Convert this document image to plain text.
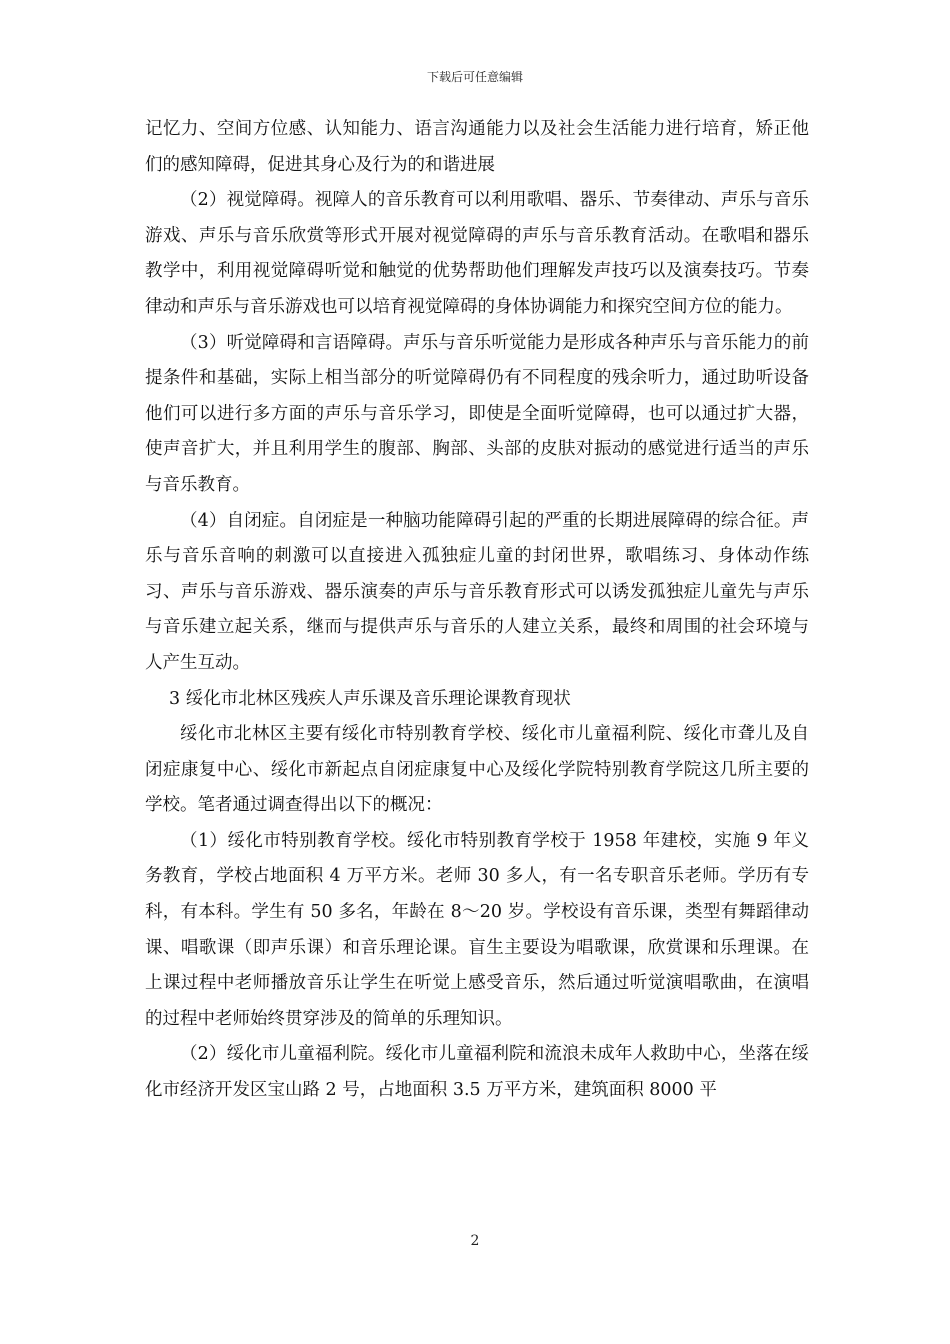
下载后可任意编辑

记忆力、空间方位感、认知能力、语言沟通能力以及社会生活能力进行培育，矫正他们的感知障碍，促进其身心及行为的和谐进展

（2）视觉障碍。视障人的音乐教育可以利用歌唱、器乐、节奏律动、声乐与音乐游戏、声乐与音乐欣赏等形式开展对视觉障碍的声乐与音乐教育活动。在歌唱和器乐教学中，利用视觉障碍听觉和触觉的优势帮助他们理解发声技巧以及演奏技巧。节奏律动和声乐与音乐游戏也可以培育视觉障碍的身体协调能力和探究空间方位的能力。

（3）听觉障碍和言语障碍。声乐与音乐听觉能力是形成各种声乐与音乐能力的前提条件和基础，实际上相当部分的听觉障碍仍有不同程度的残余听力，通过助听设备他们可以进行多方面的声乐与音乐学习，即使是全面听觉障碍，也可以通过扩大器，使声音扩大，并且利用学生的腹部、胸部、头部的皮肤对振动的感觉进行适当的声乐与音乐教育。

（4）自闭症。自闭症是一种脑功能障碍引起的严重的长期进展障碍的综合征。声乐与音乐音响的刺激可以直接进入孤独症儿童的封闭世界，歌唱练习、身体动作练习、声乐与音乐游戏、器乐演奏的声乐与音乐教育形式可以诱发孤独症儿童先与声乐与音乐建立起关系，继而与提供声乐与音乐的人建立关系，最终和周围的社会环境与人产生互动。

3 绥化市北林区残疾人声乐课及音乐理论课教育现状

绥化市北林区主要有绥化市特别教育学校、绥化市儿童福利院、绥化市聋儿及自闭症康复中心、绥化市新起点自闭症康复中心及绥化学院特别教育学院这几所主要的学校。笔者通过调查得出以下的概况：

（1）绥化市特别教育学校。绥化市特别教育学校于 1958 年建校，实施 9 年义务教育，学校占地面积 4 万平方米。老师 30 多人，有一名专职音乐老师。学历有专科，有本科。学生有 50 多名，年龄在 8～20 岁。学校设有音乐课，类型有舞蹈律动课、唱歌课（即声乐课）和音乐理论课。盲生主要设为唱歌课，欣赏课和乐理课。在上课过程中老师播放音乐让学生在听觉上感受音乐，然后通过听觉演唱歌曲，在演唱的过程中老师始终贯穿涉及的简单的乐理知识。

（2）绥化市儿童福利院。绥化市儿童福利院和流浪未成年人救助中心，坐落在绥化市经济开发区宝山路 2 号，占地面积 3.5 万平方米，建筑面积 8000 平

2
